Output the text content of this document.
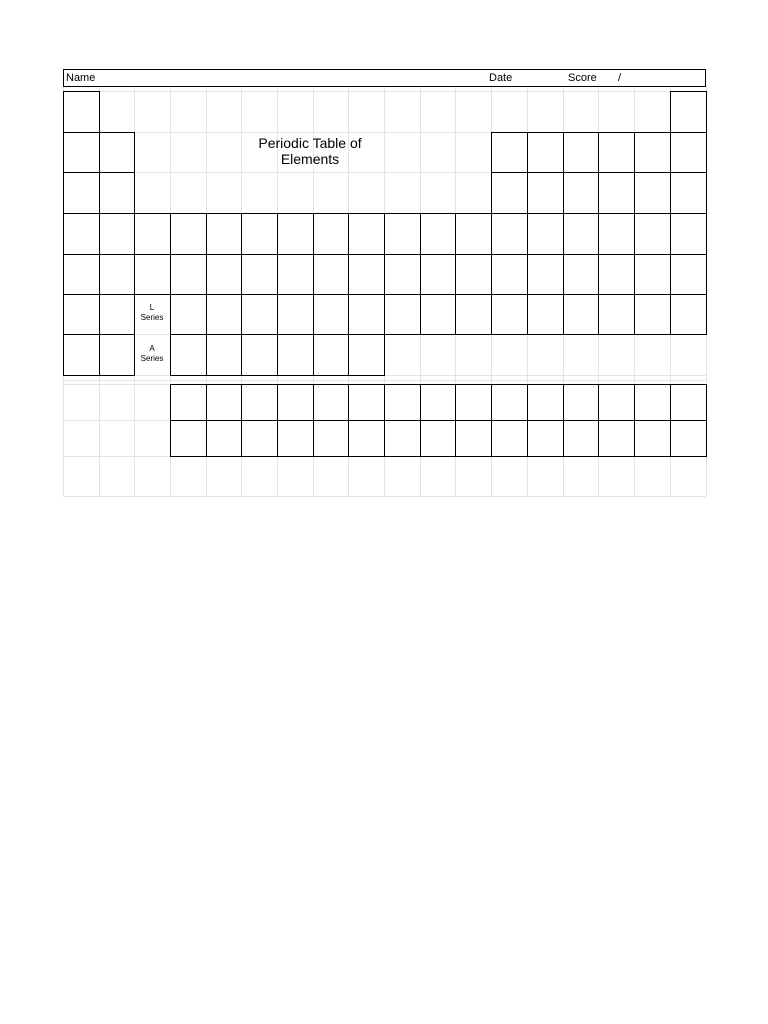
Name	Date	Score /
Periodic Table of
Elements
L
Series
A
Series
